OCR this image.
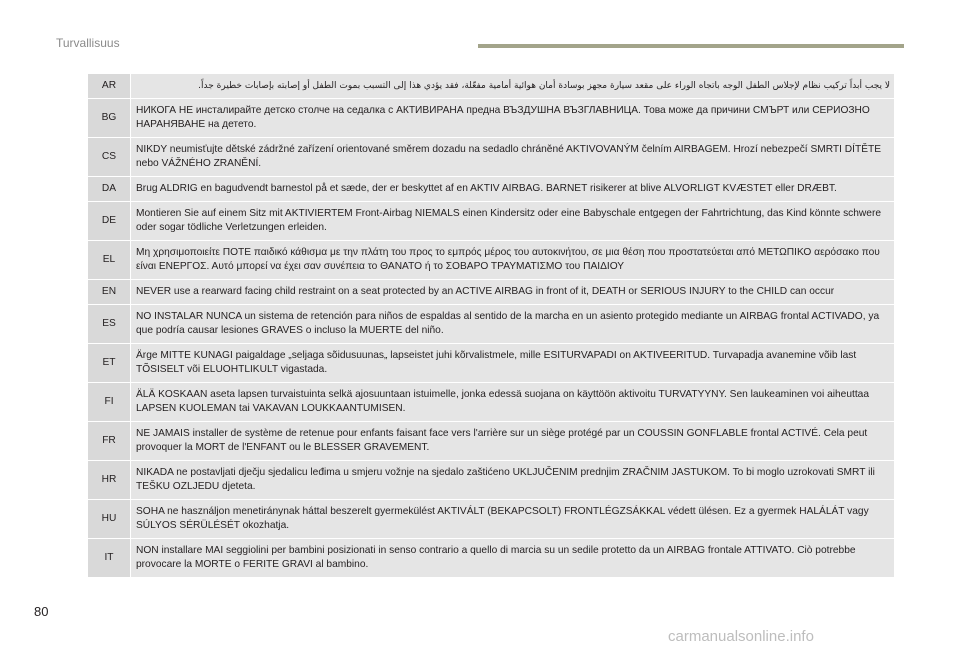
Turvallisuus
AR	لا يجب أبداً تركيب نظام لإجلاس الطفل الوجه باتجاه الوراء على مقعد سيارة مجهز بوسادة أمان هوائية أمامية مفعّلة، فقد يؤدي هذا إلى التسبب بموت الطفل أو إصابته بإصابات خطيرة جداً.
BG	НИКОГА НЕ инсталирайте детско столче на седалка с АКТИВИРАНА предна ВЪЗДУШНА ВЪЗГЛАВНИЦА. Това може да причини СМЪРТ или СЕРИОЗНО НАРАНЯВАНЕ на детето.
CS	NIKDY neumisťujte dětské zádržné zařízení orientované směrem dozadu na sedadlo chráněné AKTIVOVANÝM čelním AIRBAGEM. Hrozí nebezpečí SMRTI DÍTĚTE nebo VÁŽNÉHO ZRANĚNÍ.
DA	Brug ALDRIG en bagudvendt barnestol på et sæde, der er beskyttet af en AKTIV AIRBAG. BARNET risikerer at blive ALVORLIGT KVÆSTET eller DRÆBT.
DE	Montieren Sie auf einem Sitz mit AKTIVIERTEM Front-Airbag NIEMALS einen Kindersitz oder eine Babyschale entgegen der Fahrtrichtung, das Kind könnte schwere oder sogar tödliche Verletzungen erleiden.
EL	Μη χρησιμοποιείτε ΠΟΤΕ παιδικό κάθισμα με την πλάτη του προς το εμπρός μέρος του αυτοκινήτου, σε μια θέση που προστατεύεται από ΜΕΤΩΠΙΚΟ αερόσακο που είναι ΕΝΕΡΓΟΣ. Αυτό μπορεί να έχει σαν συνέπεια το ΘΑΝΑΤΟ ή το ΣΟΒΑΡΟ ΤΡΑΥΜΑΤΙΣΜΟ του ΠΑΙΔΙΟΥ
EN	NEVER use a rearward facing child restraint on a seat protected by an ACTIVE AIRBAG in front of it, DEATH or SERIOUS INJURY to the CHILD can occur
ES	NO INSTALAR NUNCA un sistema de retención para niños de espaldas al sentido de la marcha en un asiento protegido mediante un AIRBAG frontal ACTIVADO, ya que podría causar lesiones GRAVES o incluso la MUERTE del niño.
ET	Ärge MITTE KUNAGI paigaldage „seljaga sõidusuunas„ lapseistet juhi kõrvalistmele, mille ESITURVAPADI on AKTIVEERITUD. Turvapadja avanemine võib last TÕSISELT või ELUOHTLIKULT vigastada.
FI	ÄLÄ KOSKAAN aseta lapsen turvaistuinta selkä ajosuuntaan istuimelle, jonka edessä suojana on käyttöön aktivoitu TURVATYYNY. Sen laukeaminen voi aiheuttaa LAPSEN KUOLEMAN tai VAKAVAN LOUKKAANTUMISEN.
FR	NE JAMAIS installer de système de retenue pour enfants faisant face vers l'arrière sur un siège protégé par un COUSSIN GONFLABLE frontal ACTIVÉ. Cela peut provoquer la MORT de l'ENFANT ou le BLESSER GRAVEMENT.
HR	NIKADA ne postavljati dječju sjedalicu leđima u smjeru vožnje na sjedalo zaštićeno UKLJUČENIM prednjim ZRAČNIM JASTUKOM. To bi moglo uzrokovati SMRT ili TEŠKU OZLJEDU djeteta.
HU	SOHA ne használjon menetiránynak háttal beszerelt gyermekülést AKTIVÁLT (BEKAPCSOLT) FRONTLÉGZSÁKKAL védett ülésen. Ez a gyermek HALÁLÁT vagy SÚLYOS SÉRÜLÉSÉT okozhatja.
IT	NON installare MAI seggiolini per bambini posizionati in senso contrario a quello di marcia su un sedile protetto da un AIRBAG frontale ATTIVATO. Ciò potrebbe provocare la MORTE o FERITE GRAVI al bambino.
80
carmanualsonline.info
